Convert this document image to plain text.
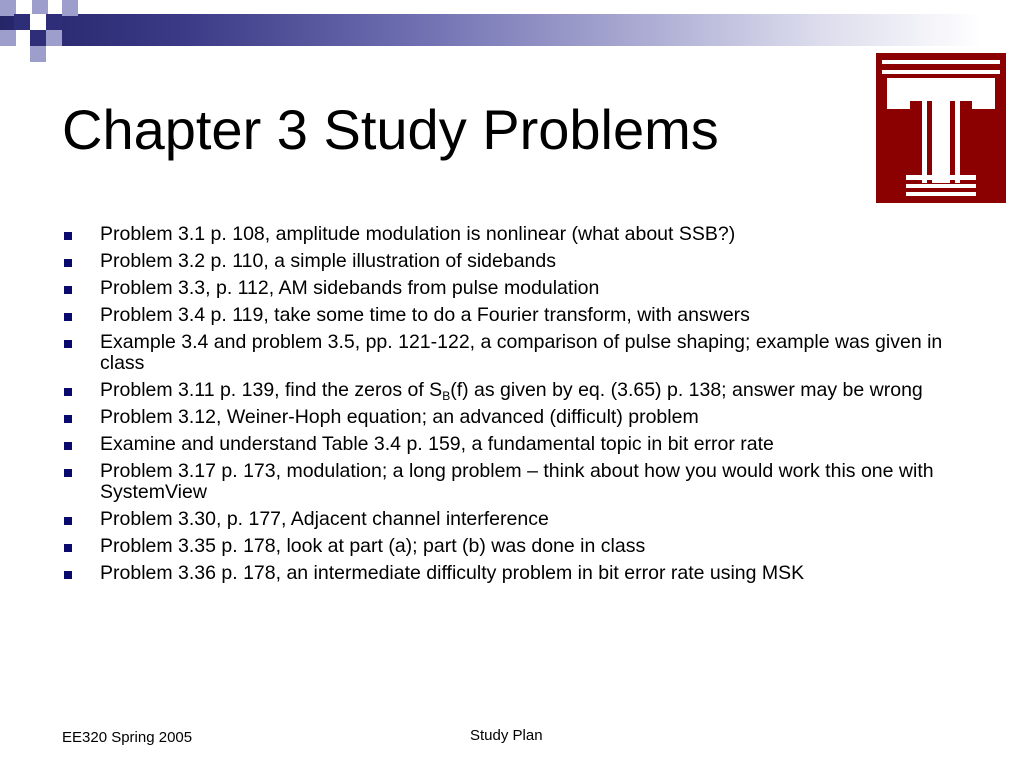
Chapter 3 Study Problems
Problem 3.1 p. 108, amplitude modulation is nonlinear (what about SSB?)
Problem 3.2 p. 110, a simple illustration of sidebands
Problem 3.3, p. 112, AM sidebands from pulse modulation
Problem 3.4 p. 119, take some time to do a Fourier transform, with answers
Example 3.4 and problem 3.5, pp. 121-122, a comparison of pulse shaping; example was given in class
Problem 3.11 p. 139, find the zeros of $S_B(f)$ as given by eq. (3.65) p. 138; answer may be wrong
Problem 3.12, Weiner-Hoph equation; an advanced (difficult) problem
Examine and understand Table 3.4 p. 159, a fundamental topic in bit error rate
Problem 3.17 p. 173, modulation; a long problem – think about how you would work this one with SystemView
Problem 3.30, p. 177, Adjacent channel interference
Problem 3.35 p. 178, look at part (a); part (b) was done in class
Problem 3.36 p. 178, an intermediate difficulty problem in bit error rate using MSK
EE320 Spring 2005	Study Plan
